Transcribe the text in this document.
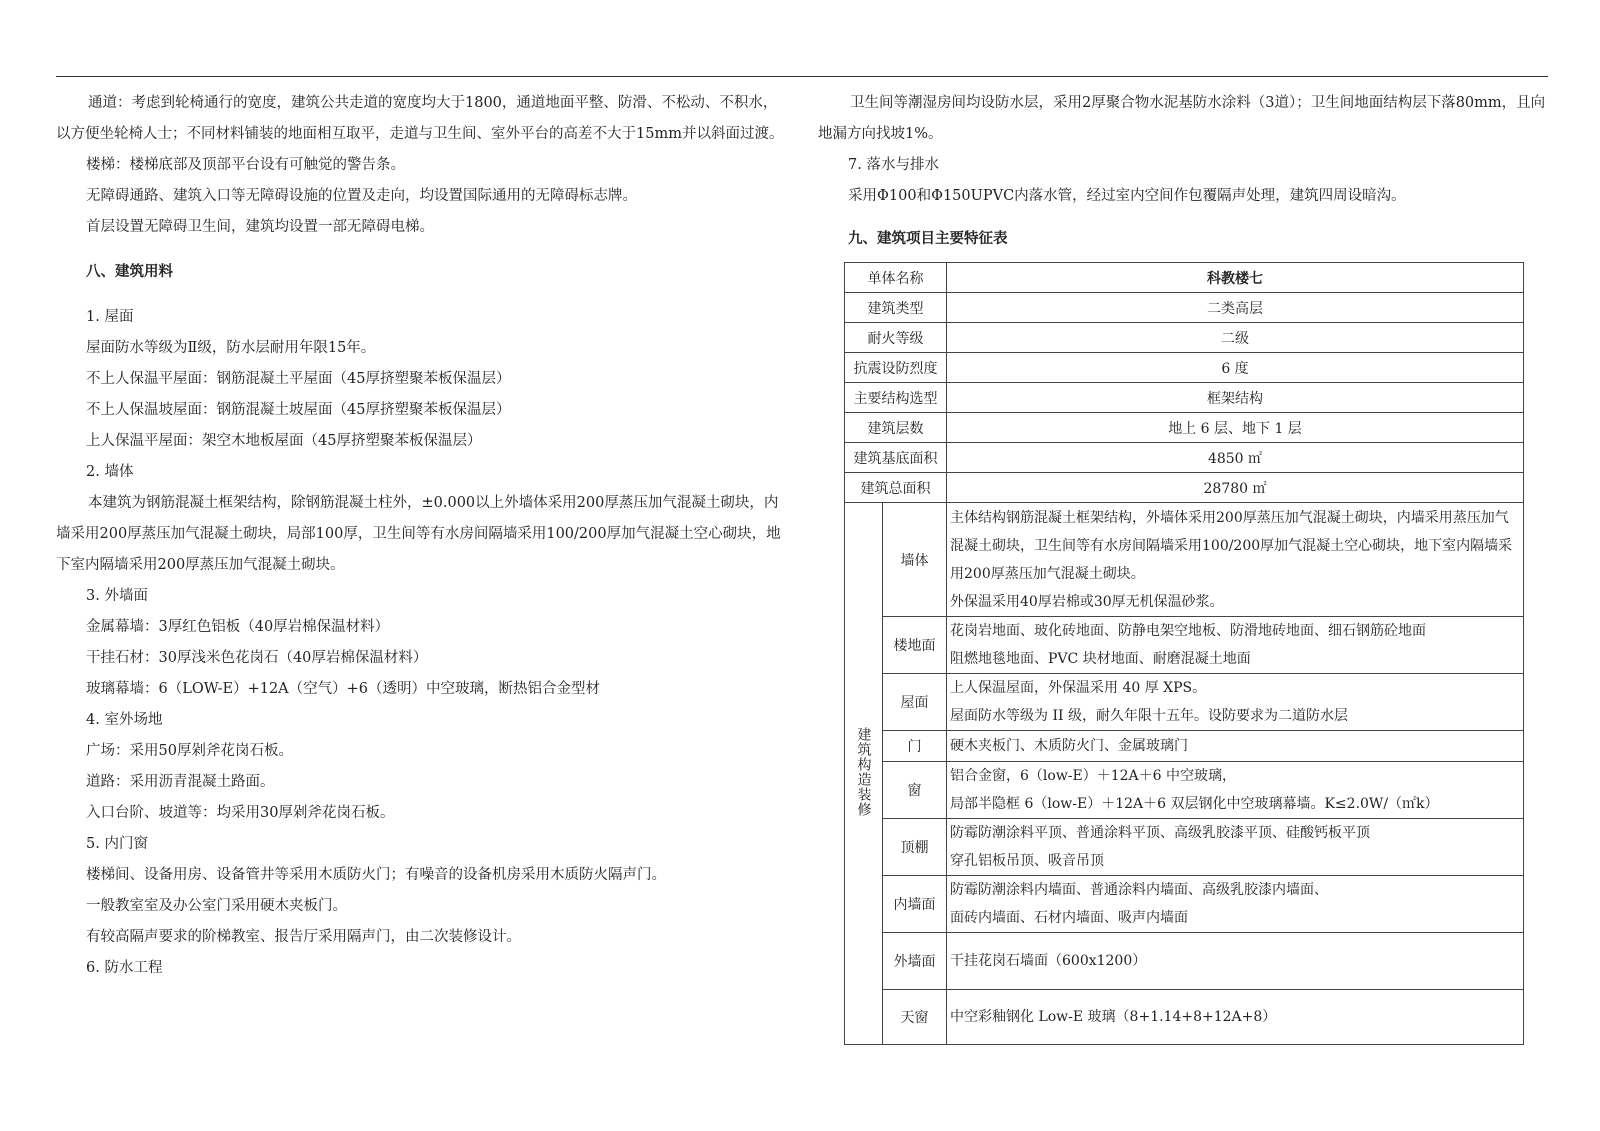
通道：考虑到轮椅通行的宽度，建筑公共走道的宽度均大于1800，通道地面平整、防滑、不松动、不积水，以方便坐轮椅人士；不同材料铺装的地面相互取平，走道与卫生间、室外平台的高差不大于15mm并以斜面过渡。

楼梯：楼梯底部及顶部平台设有可触觉的警告条。

无障碍通路、建筑入口等无障碍设施的位置及走向，均设置国际通用的无障碍标志牌。

首层设置无障碍卫生间，建筑均设置一部无障碍电梯。

八、建筑用料

1. 屋面

屋面防水等级为Ⅱ级，防水层耐用年限15年。

不上人保温平屋面：钢筋混凝土平屋面（45厚挤塑聚苯板保温层）

不上人保温坡屋面：钢筋混凝土坡屋面（45厚挤塑聚苯板保温层）

上人保温平屋面：架空木地板屋面（45厚挤塑聚苯板保温层）

2. 墙体

本建筑为钢筋混凝土框架结构，除钢筋混凝土柱外，±0.000以上外墙体采用200厚蒸压加气混凝土砌块，内墙采用200厚蒸压加气混凝土砌块，局部100厚，卫生间等有水房间隔墙采用100/200厚加气混凝土空心砌块，地下室内隔墙采用200厚蒸压加气混凝土砌块。

3. 外墙面

金属幕墙：3厚红色铝板（40厚岩棉保温材料）

干挂石材：30厚浅米色花岗石（40厚岩棉保温材料）

玻璃幕墙：6（LOW-E）+12A（空气）+6（透明）中空玻璃，断热铝合金型材

4. 室外场地

广场：采用50厚剁斧花岗石板。

道路：采用沥青混凝土路面。

入口台阶、坡道等：均采用30厚剁斧花岗石板。

5. 内门窗

楼梯间、设备用房、设备管井等采用木质防火门；有噪音的设备机房采用木质防火隔声门。

一般教室室及办公室门采用硬木夹板门。

有较高隔声要求的阶梯教室、报告厅采用隔声门，由二次装修设计。

6. 防水工程

卫生间等潮湿房间均设防水层，采用2厚聚合物水泥基防水涂料（3道）；卫生间地面结构层下落80mm，且向地漏方向找坡1%。

7. 落水与排水

采用Φ100和Φ150UPVC内落水管，经过室内空间作包覆隔声处理，建筑四周设暗沟。

九、建筑项目主要特征表

单体名称		科教楼七
建筑类型		二类高层
耐火等级		二级
抗震设防烈度		6 度
主要结构选型		框架结构
建筑层数		地上 6 层、地下 1 层
建筑基底面积		4850 ㎡
建筑总面积		28780 ㎡
建筑构造装修	墙体	主体结构钢筋混凝土框架结构，外墙体采用200厚蒸压加气混凝土砌块，内墙采用蒸压加气混凝土砌块，卫生间等有水房间隔墙采用100/200厚加气混凝土空心砌块，地下室内隔墙采用200厚蒸压加气混凝土砌块。
外保温采用40厚岩棉或30厚无机保温砂浆。

	楼地面	花岗岩地面、玻化砖地面、防静电架空地板、防滑地砖地面、细石钢筋砼地面
阻燃地毯地面、PVC 块材地面、耐磨混凝土地面

	屋面	上人保温屋面，外保温采用 40 厚 XPS。
屋面防水等级为 II 级，耐久年限十五年。设防要求为二道防水层

	门	硬木夹板门、木质防火门、金属玻璃门

	窗	铝合金窗，6（low-E）＋12A＋6 中空玻璃，
局部半隐框 6（low-E）＋12A＋6 双层钢化中空玻璃幕墙。K≤2.0W/（㎡k）

	顶棚	防霉防潮涂料平顶、普通涂料平顶、高级乳胶漆平顶、硅酸钙板平顶
穿孔铝板吊顶、吸音吊顶

	内墙面	防霉防潮涂料内墙面、普通涂料内墙面、高级乳胶漆内墙面、
面砖内墙面、石材内墙面、吸声内墙面

	外墙面	干挂花岗石墙面（600x1200）

	天窗	中空彩釉钢化 Low-E 玻璃（8+1.14+8+12A+8）
